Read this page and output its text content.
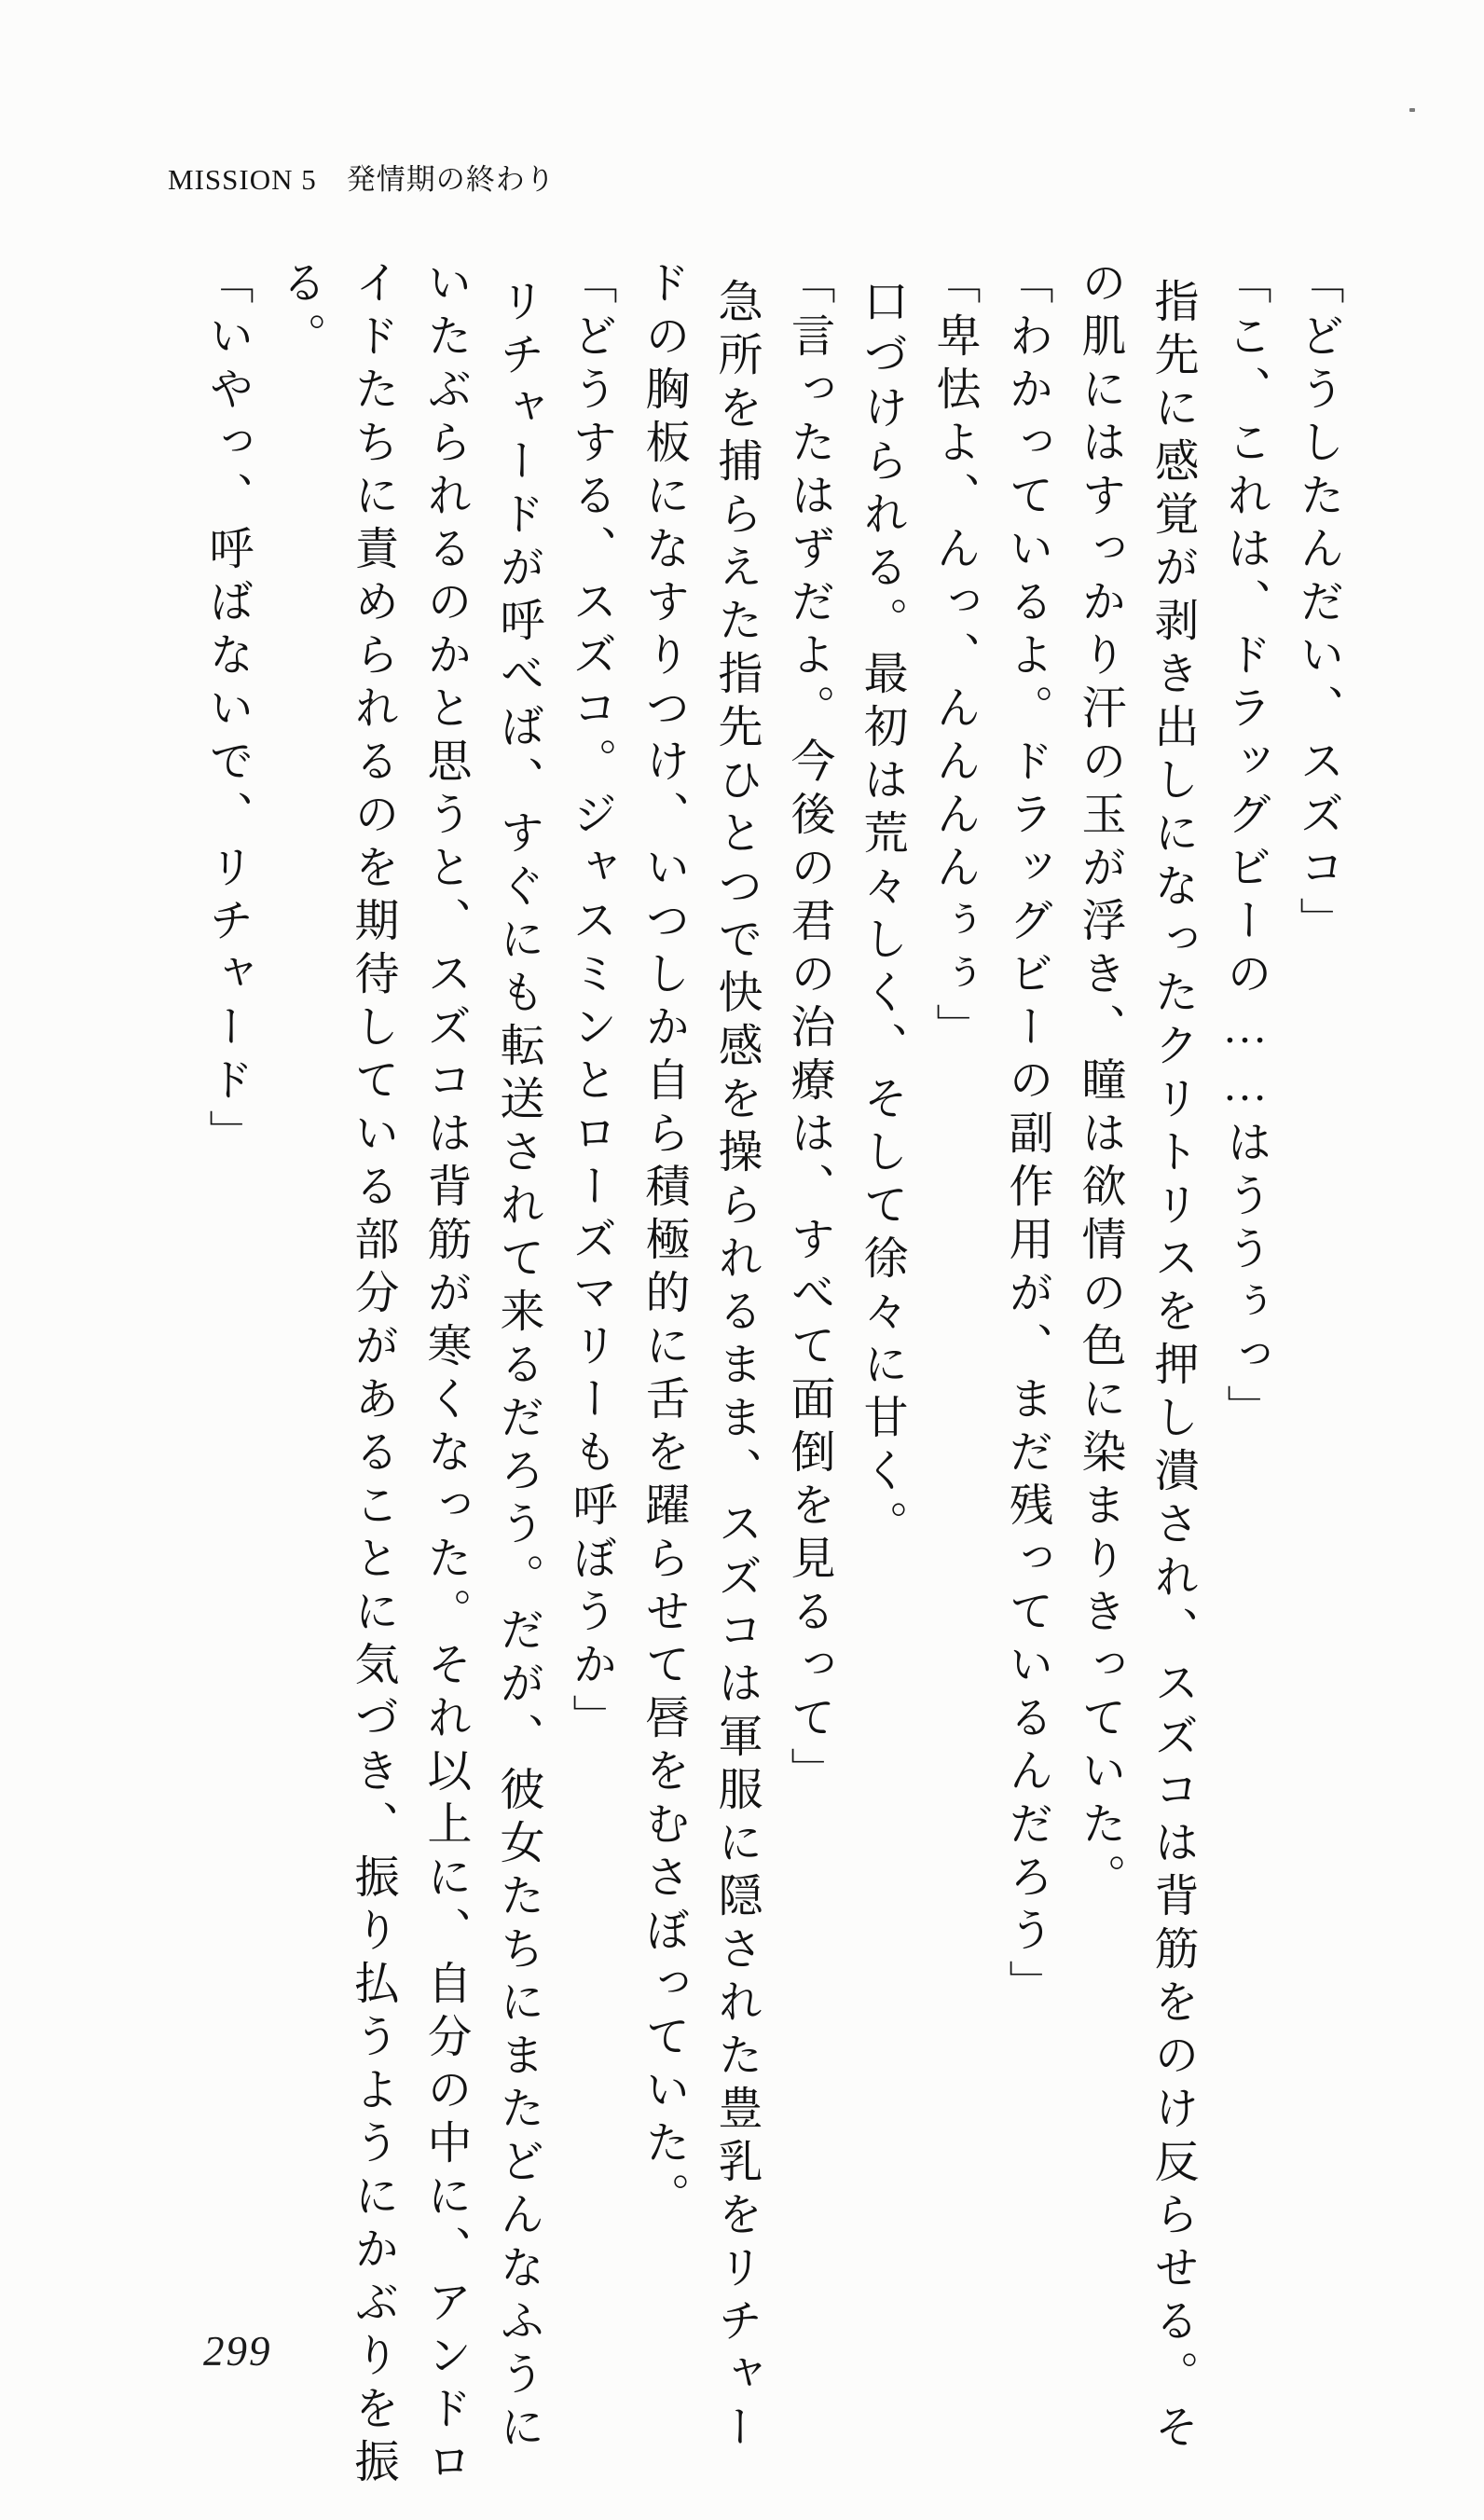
MISSION 5 発情期の終わり
「どうしたんだい、スズコ」
「こ、これは、ドラッグビーの……はううぅっ」
指先に感覚が剥き出しになったクリトリスを押し潰され、スズコは背筋をのけ反らせる。そ
の肌にはすっかり汗の玉が浮き、瞳は欲情の色に染まりきっていた。
「わかっているよ。ドラッグビーの副作用が、まだ残っているんだろう」
「卑怯よ、んっ、んんんんぅぅ」
口づけられる。最初は荒々しく、そして徐々に甘く。
「言ったはずだよ。今後の君の治療は、すべて面倒を見るって」
急所を捕らえた指先ひとつで快感を操られるまま、スズコは軍服に隠された豊乳をリチャー
ドの胸板になすりつけ、いつしか自ら積極的に舌を躍らせて唇をむさぼっていた。
「どうする、スズコ。ジャスミンとローズマリーも呼ぼうか」
リチャードが呼べば、すぐにも転送されて来るだろう。だが、彼女たちにまたどんなふうに
いたぶられるのかと思うと、スズコは背筋が寒くなった。それ以上に、自分の中に、アンドロ
イドたちに責められるのを期待している部分があることに気づき、振り払うようにかぶりを振
る。
「いやっ、呼ばないで、リチャード」
299
